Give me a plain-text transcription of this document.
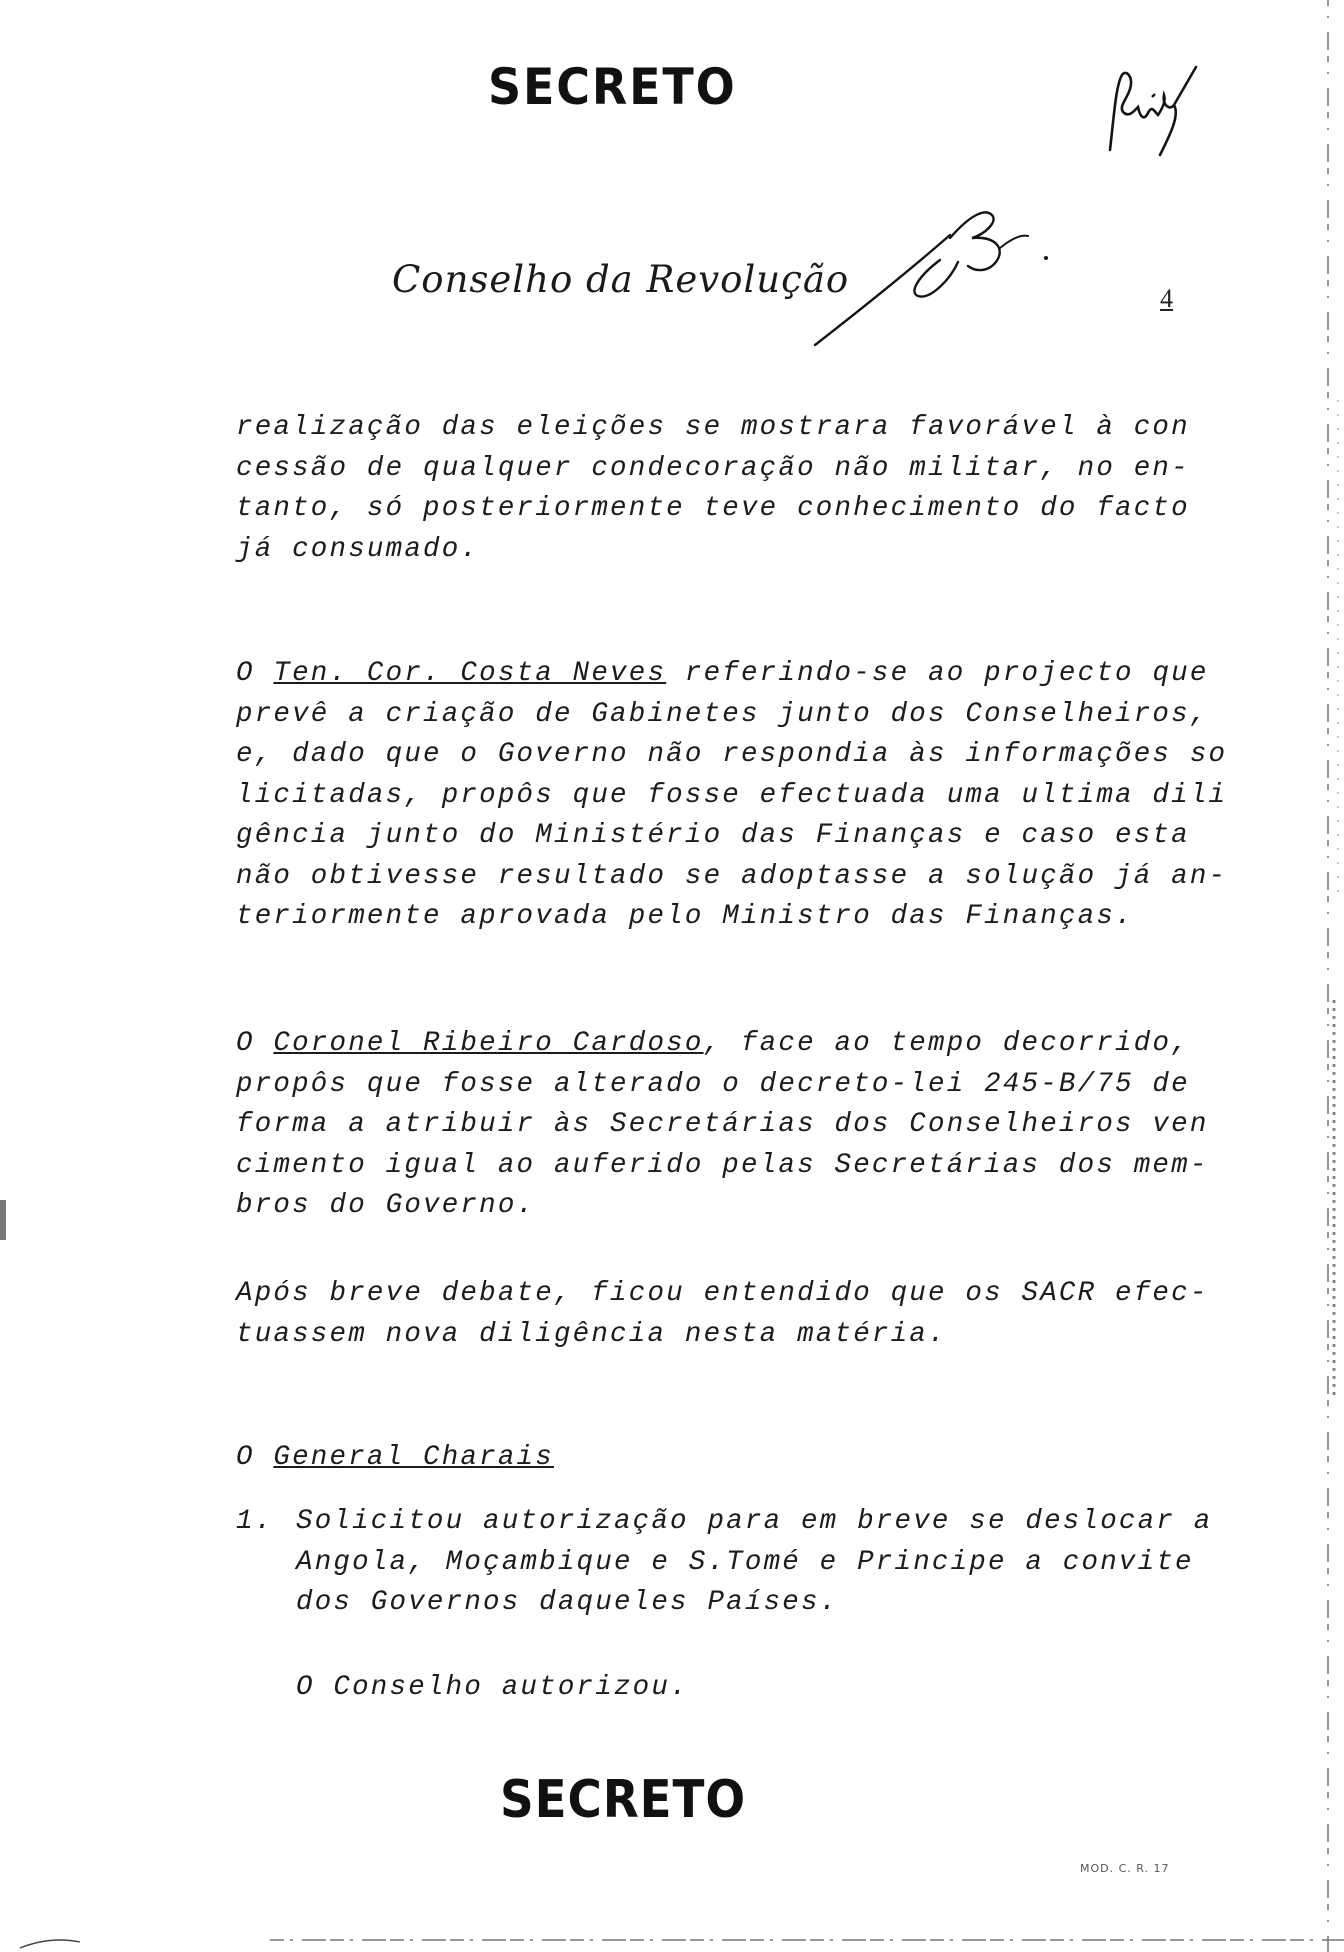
SECRETO
Conselho da Revolução	4
realização das eleições se mostrara favorável à con
cessão de qualquer condecoração não militar, no en-
tanto, só posteriormente teve conhecimento do facto
já consumado.
O Ten. Cor. Costa Neves referindo-se ao projecto que
prevê a criação de Gabinetes junto dos Conselheiros,
e, dado que o Governo não respondia às informações so
licitadas, propôs que fosse efectuada uma ultima dili
gência junto do Ministério das Finanças e caso esta
não obtivesse resultado se adoptasse a solução já an-
teriormente aprovada pelo Ministro das Finanças.
O Coronel Ribeiro Cardoso, face ao tempo decorrido,
propôs que fosse alterado o decreto-lei 245-B/75 de
forma a atribuir às Secretárias dos Conselheiros ven
cimento igual ao auferido pelas Secretárias dos mem-
bros do Governo.
Após breve debate, ficou entendido que os SACR efec-
tuassem nova diligência nesta matéria.
O General Charais
1. Solicitou autorização para em breve se deslocar a
Angola, Moçambique e S.Tomé e Principe a convite
dos Governos daqueles Países.
O Conselho autorizou.
SECRETO
MOD. C. R. 17
